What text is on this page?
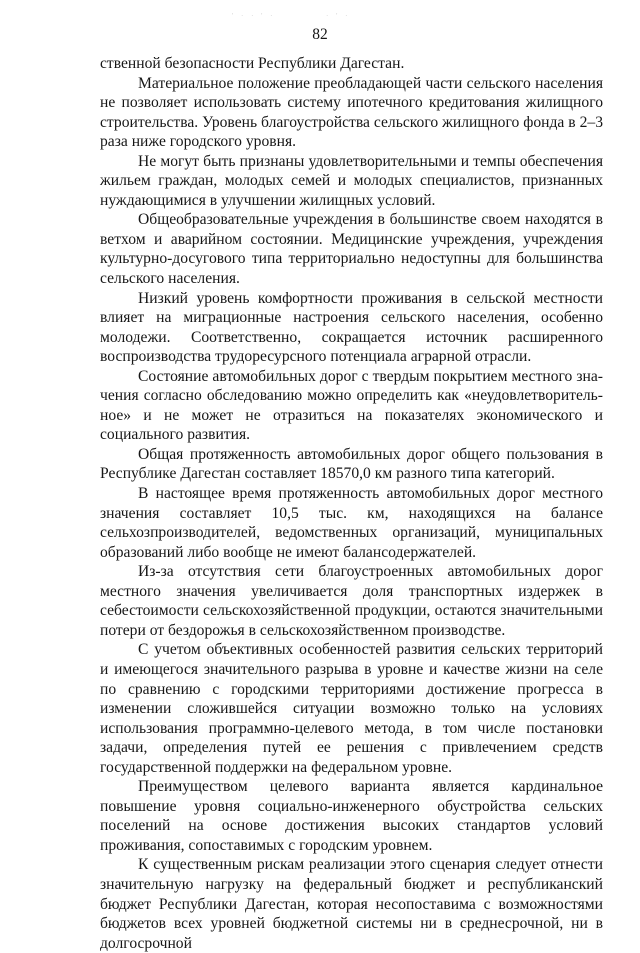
' · · ' ·	· ' ·
82

ственной безопасности Республики Дагестан.

Материальное положение преобладающей части сельского населения не позволяет использовать систему ипотечного кредитования жилищного строительства. Уровень благоустройства сельского жилищного фонда в 2–3 раза ниже городского уровня.

Не могут быть признаны удовлетворительными и темпы обеспечения жильем граждан, молодых семей и молодых специалистов, признанных нуждающимися в улучшении жилищных условий.

Общеобразовательные учреждения в большинстве своем находятся в ветхом и аварийном состоянии. Медицинские учреждения, учреждения культурно-досугового типа территориально недоступны для большинства сельского населения.

Низкий уровень комфортности проживания в сельской местности влияет на миграционные настроения сельского населения, особенно молодежи. Соответственно, сокращается источник расширенного воспроизводства трудоресурсного потенциала аграрной отрасли.

Состояние автомобильных дорог с твердым покрытием местного значения согласно обследованию можно определить как «неудовлетворительное» и не может не отразиться на показателях экономического и социального развития.

Общая протяженность автомобильных дорог общего пользования в Республике Дагестан составляет 18570,0 км разного типа категорий.

В настоящее время протяженность автомобильных дорог местного значения составляет 10,5 тыс. км, находящихся на балансе сельхозпроизводителей, ведомственных организаций, муниципальных образований либо вообще не имеют балансодержателей.

Из-за отсутствия сети благоустроенных автомобильных дорог местного значения увеличивается доля транспортных издержек в себестоимости сельскохозяйственной продукции, остаются значительными потери от бездорожья в сельскохозяйственном производстве.

С учетом объективных особенностей развития сельских территорий и имеющегося значительного разрыва в уровне и качестве жизни на селе по сравнению с городскими территориями достижение прогресса в изменении сложившейся ситуации возможно только на условиях использования программно-целевого метода, в том числе постановки задачи, определения путей ее решения с привлечением средств государственной поддержки на федеральном уровне.

Преимуществом целевого варианта является кардинальное повышение уровня социально-инженерного обустройства сельских поселений на основе достижения высоких стандартов условий проживания, сопоставимых с городским уровнем.

К существенным рискам реализации этого сценария следует отнести значительную нагрузку на федеральный бюджет и республиканский бюджет Республики Дагестан, которая несопоставима с возможностями бюджетов всех уровней бюджетной системы ни в среднесрочной, ни в долгосрочной
